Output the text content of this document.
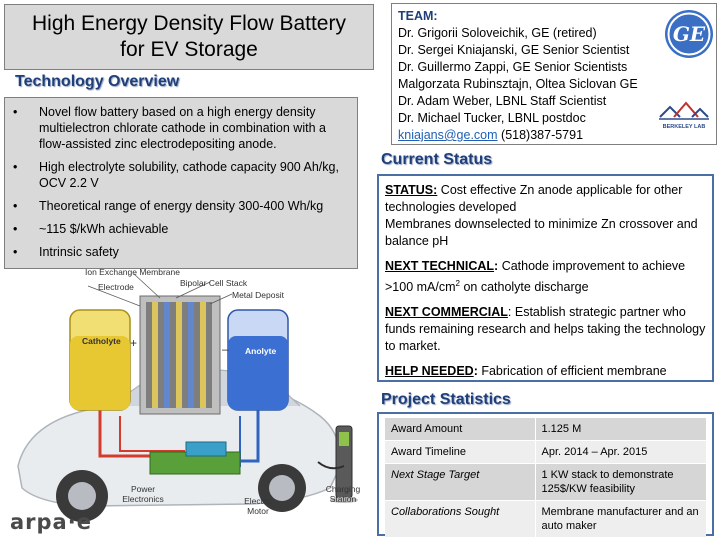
High Energy Density Flow Battery
for EV Storage
Technology Overview
• Novel flow battery based on a high energy density multielectron chlorate cathode in combination with a flow-assisted zinc electrodepositing anode.
• High electrolyte solubility, cathode capacity 900 Ah/kg, OCV 2.2 V
• Theoretical range of energy density 300-400 Wh/kg
• ~115 $/kWh achievable
• Intrinsic safety
TEAM:
Dr. Grigorii Soloveichik, GE (retired)
Dr. Sergei Kniajanski, GE Senior Scientist
Dr. Guillermo Zappi, GE Senior Scientists
Malgorzata Rubinsztajn, Oltea Siclovan GE
Dr. Adam Weber, LBNL Staff Scientist
Dr. Michael Tucker, LBNL postdoc
kniajans@ge.com (518)387-5791
GE
BERKELEY LAB
Current Status

STATUS: Cost effective Zn anode applicable for other technologies developed
Membranes downselected to minimize Zn crossover and balance pH

NEXT TECHNICAL: Cathode improvement to achieve >100 $mA/cm^2$ on catholyte discharge

NEXT COMMERCIAL: Establish strategic partner who funds remaining research and helps taking the technology to market.

HELP NEEDED: Fabrication of efficient membrane

Project Statistics
Award Amount	1.125 M
Award Timeline	Apr. 2014 – Apr. 2015
Next Stage Target	1 KW stack to demonstrate 125$/KW feasibility
Collaborations Sought	Membrane manufacturer and an auto maker
Ion Exchange Membrane
Bipolar Cell Stack
Electrode
Metal Deposit
Catholyte
Anolyte
+	–
Power Electronics	Electric Motor
Charging Station
arpa·e
